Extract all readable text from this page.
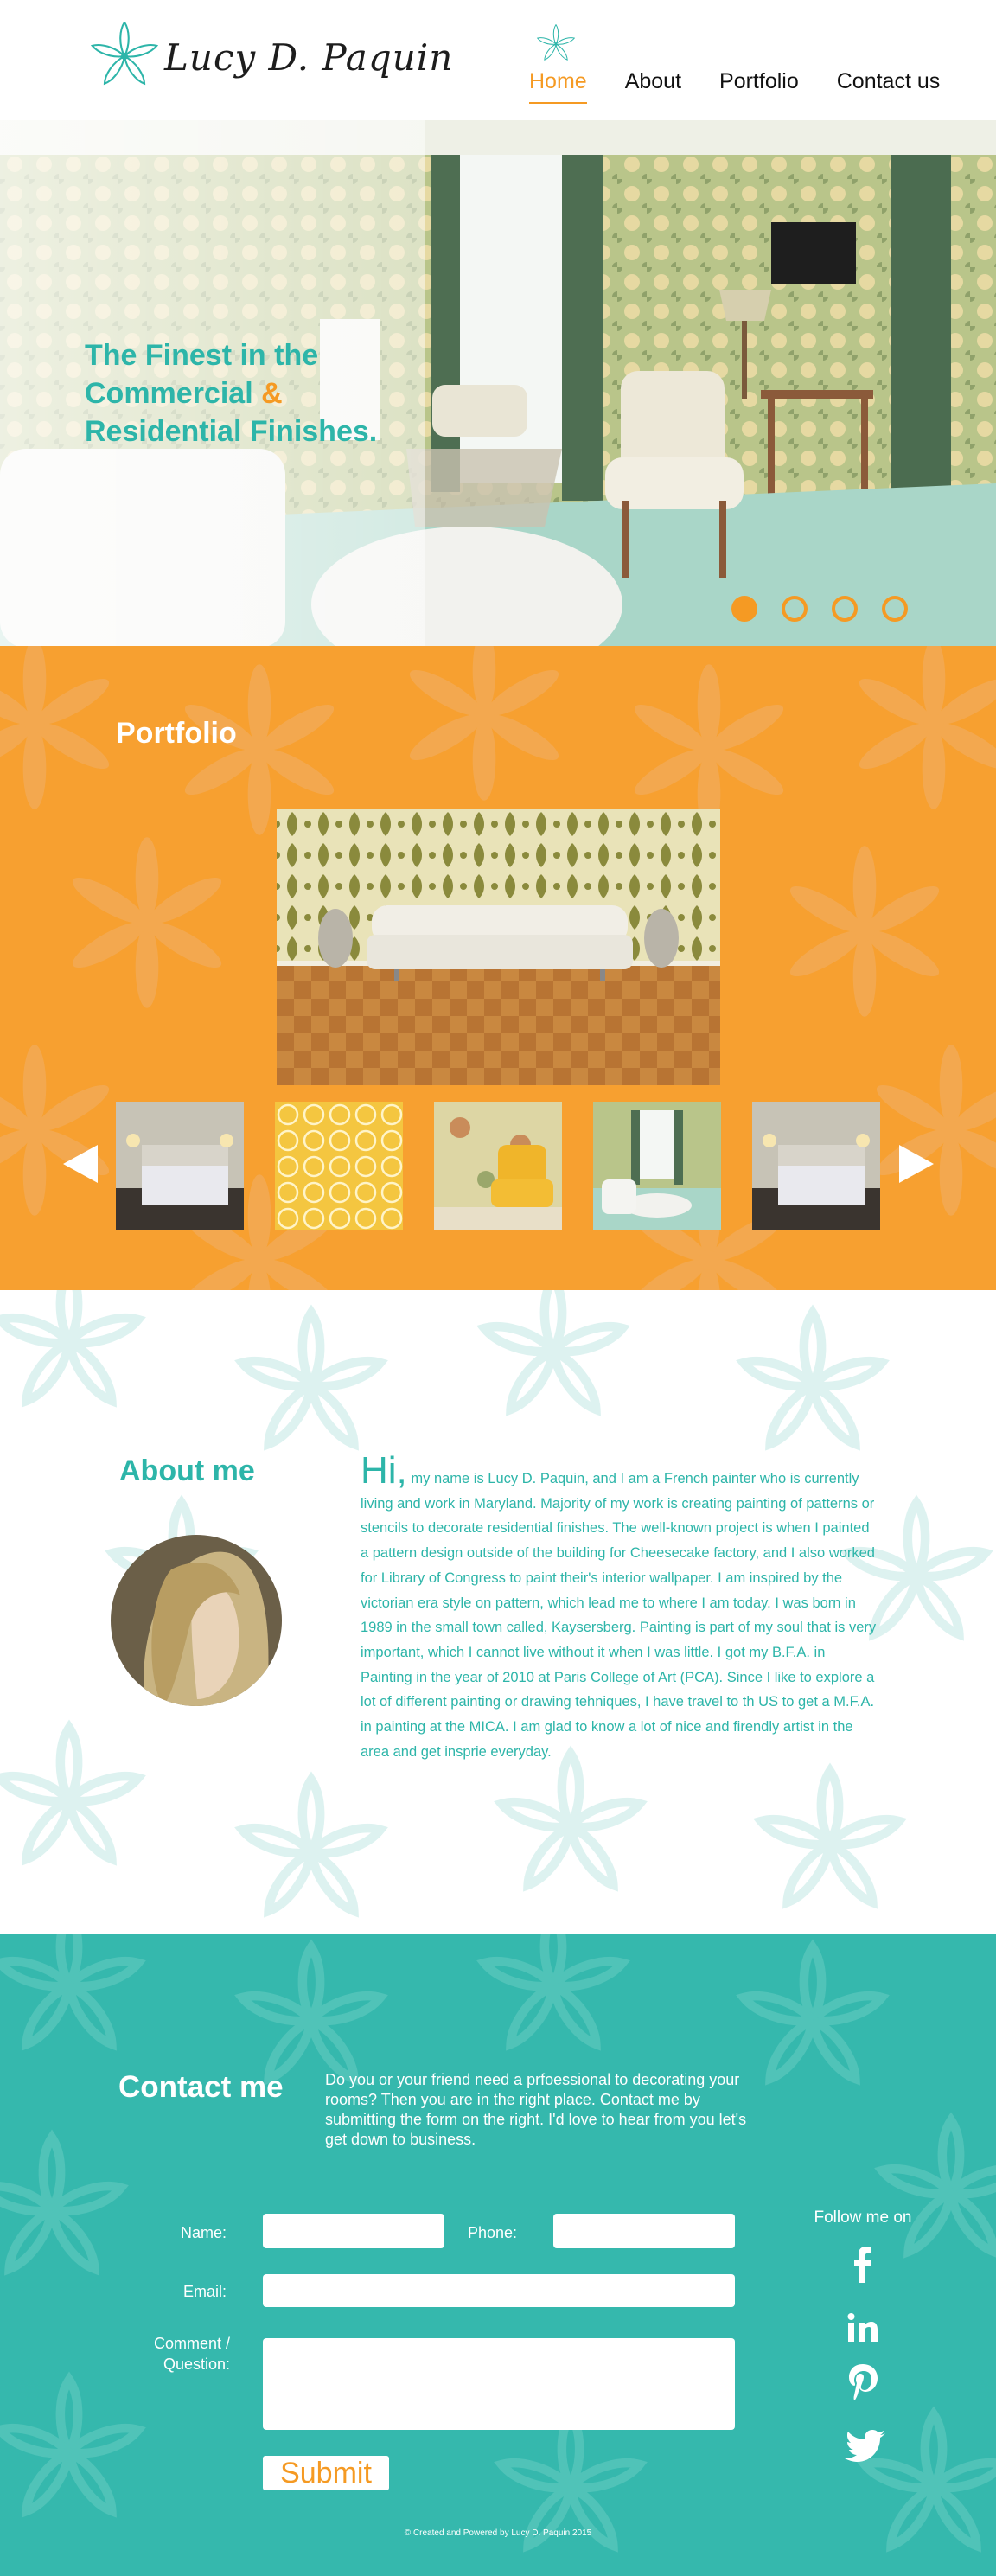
Lucy D. Paquin
Home About Portfolio Contact us
The Finest in the
Commercial &
Residential Finishes.
Portfolio
About me	Hi, my name is Lucy D. Paquin, and I am a French painter who is currently living and work in Maryland. Majority of my work is creating painting of patterns or stencils to decorate residential finishes. The well-known project is when I painted a pattern design outside of the building for Cheesecake factory, and I also worked for Library of Congress to paint their's interior wallpaper. I am inspired by the victorian era style on pattern, which lead me to where I am today. I was born in 1989 in the small town called, Kaysersberg. Painting is part of my soul that is very important, which I cannot live without it when I was little. I got my B.F.A. in Painting in the year of 2010 at Paris College of Art (PCA). Since I like to explore a lot of different painting or drawing tehniques, I have travel to th US to get a M.F.A. in painting at the MICA. I am glad to know a lot of nice and firendly artist in the area and get insprie everyday.
Contact me	Do you or your friend need a prfoessional to decorating your rooms? Then you are in the right place. Contact me by submitting the form on the right. I'd love to hear from you let's get down to business.

Name:	Phone:
Email:
Comment /
Question:
Submit
Follow me on
© Created and Powered by Lucy D. Paquin 2015
